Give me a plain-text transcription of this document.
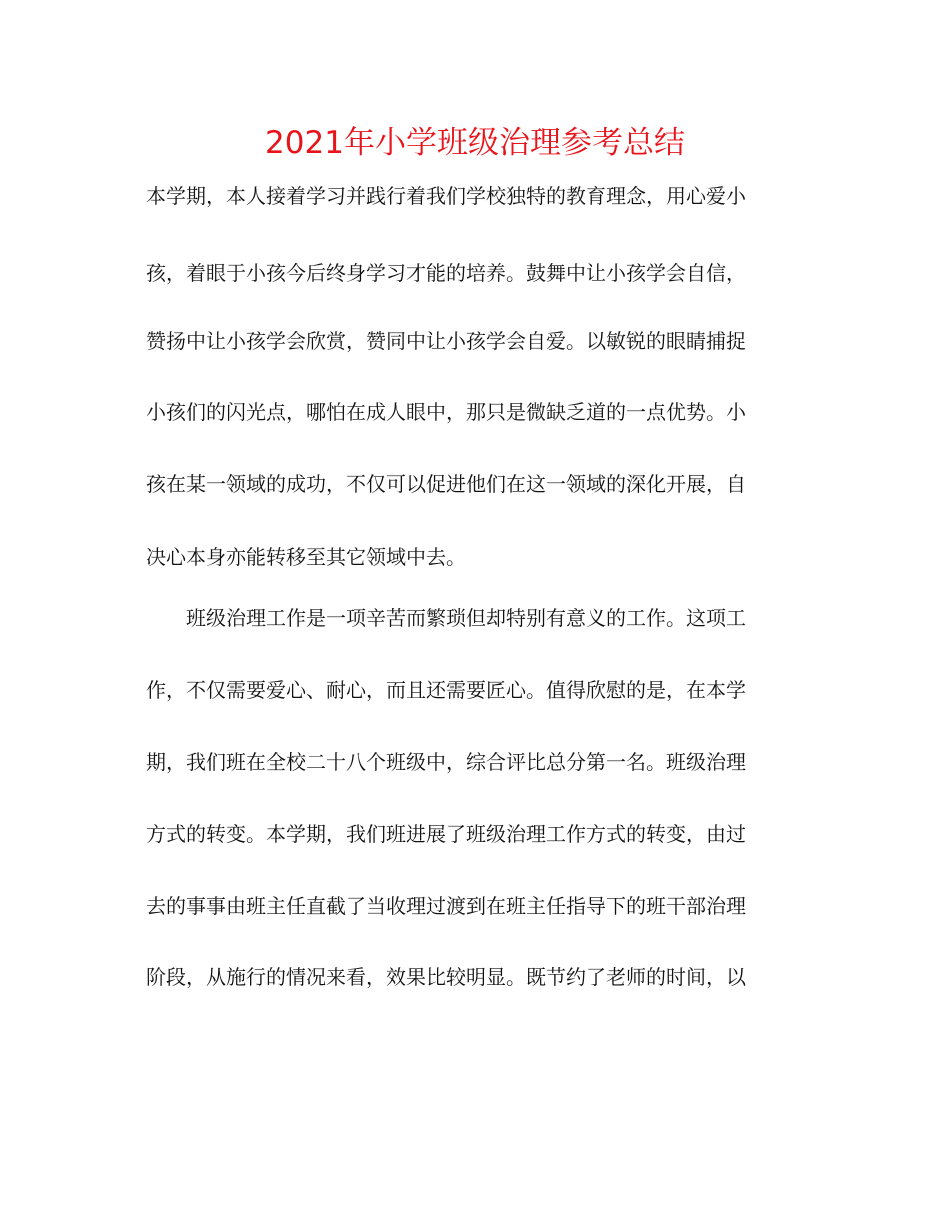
2021年小学班级治理参考总结

本学期，本人接着学习并践行着我们学校独特的教育理念，用心爱小

孩，着眼于小孩今后终身学习才能的培养。鼓舞中让小孩学会自信，

赞扬中让小孩学会欣赏，赞同中让小孩学会自爱。以敏锐的眼睛捕捉

小孩们的闪光点，哪怕在成人眼中，那只是微缺乏道的一点优势。小

孩在某一领域的成功，不仅可以促进他们在这一领域的深化开展，自

决心本身亦能转移至其它领域中去。

　　班级治理工作是一项辛苦而繁琐但却特别有意义的工作。这项工

作，不仅需要爱心、耐心，而且还需要匠心。值得欣慰的是，在本学

期，我们班在全校二十八个班级中，综合评比总分第一名。班级治理

方式的转变。本学期，我们班进展了班级治理工作方式的转变，由过

去的事事由班主任直截了当收理过渡到在班主任指导下的班干部治理

阶段，从施行的情况来看，效果比较明显。既节约了老师的时间，以
